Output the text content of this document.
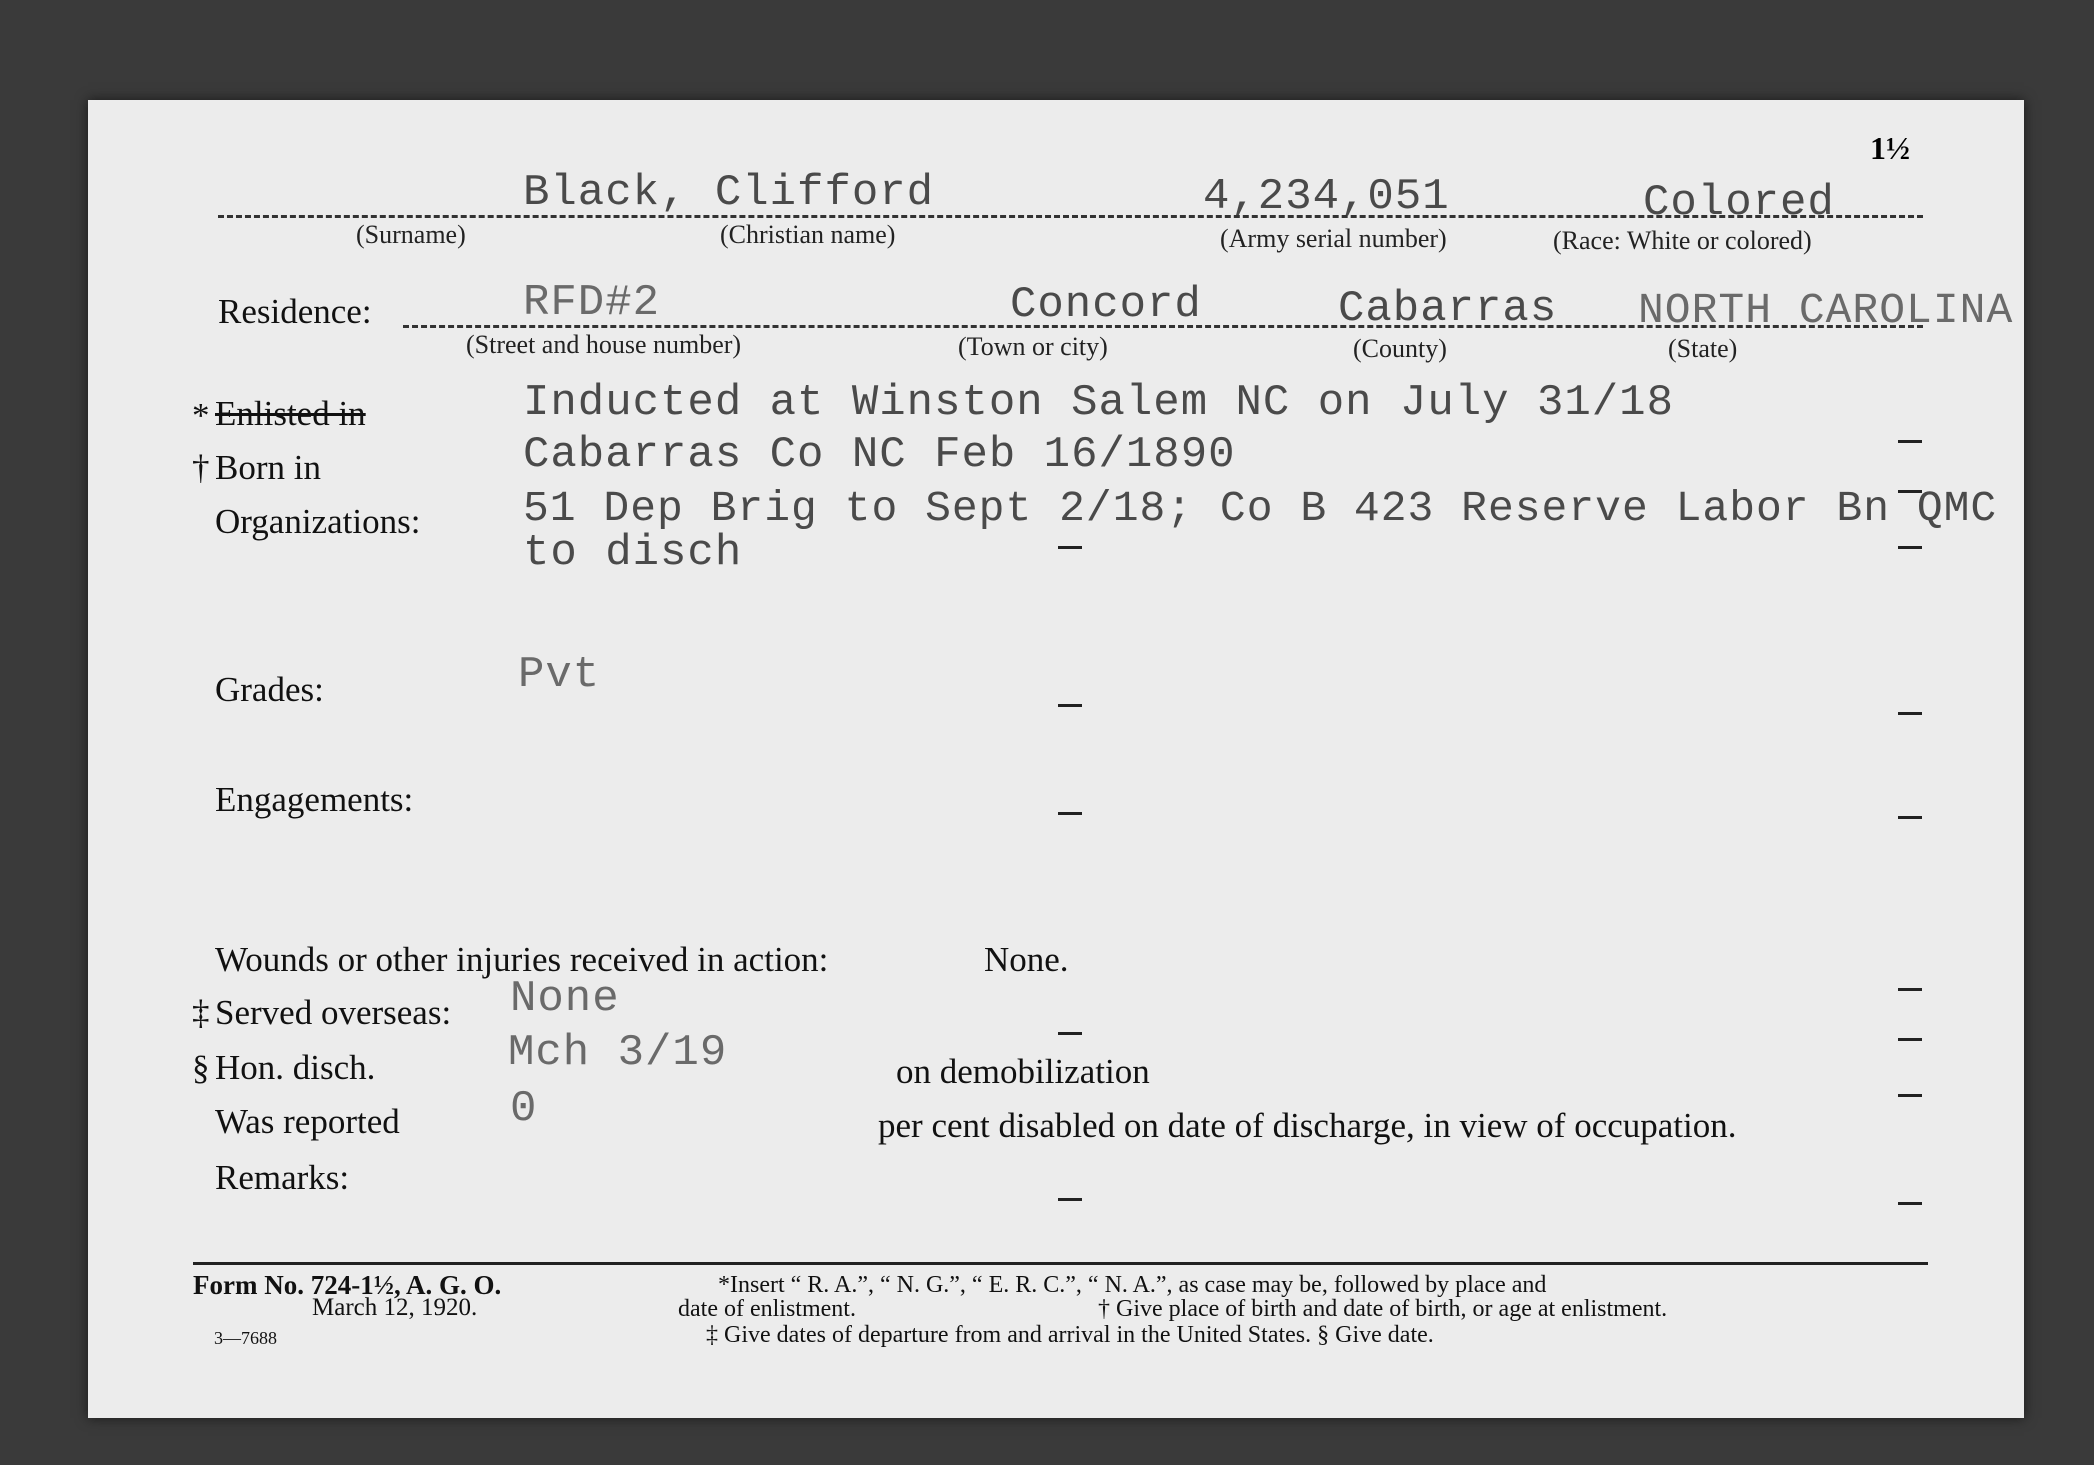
1½
Black, Clifford	4,234,051	Colored
(Surname)	(Christian name)	(Army serial number)	(Race: White or colored)
Residence:	RFD#2	Concord	Cabarras NORTH CAROLINA
(Street and house number)	(Town or city)	(County)	(State)
* Enlisted in	Inducted at Winston Salem NC on July 31/18
† Born in	Cabarras Co NC Feb 16/1890
Organizations: 51 Dep Brig to Sept 2/18; Co B 423 Reserve Labor Bn QMC
to disch
Grades:	Pvt
Engagements:
Wounds or other injuries received in action:	None.
‡ Served overseas: None
§ Hon. disch.	Mch 3/19	on demobilization
Was reported	0	per cent disabled on date of discharge, in view of occupation.
Remarks:
Form No. 724-1½, A. G. O.
March 12, 1920.
3—7688
*Insert “ R. A.”, “ N. G.”, “ E. R. C.”, “ N. A.”, as case may be, followed by place and
date of enlistment.	† Give place of birth and date of birth, or age at enlistment.
‡ Give dates of departure from and arrival in the United States. § Give date.
